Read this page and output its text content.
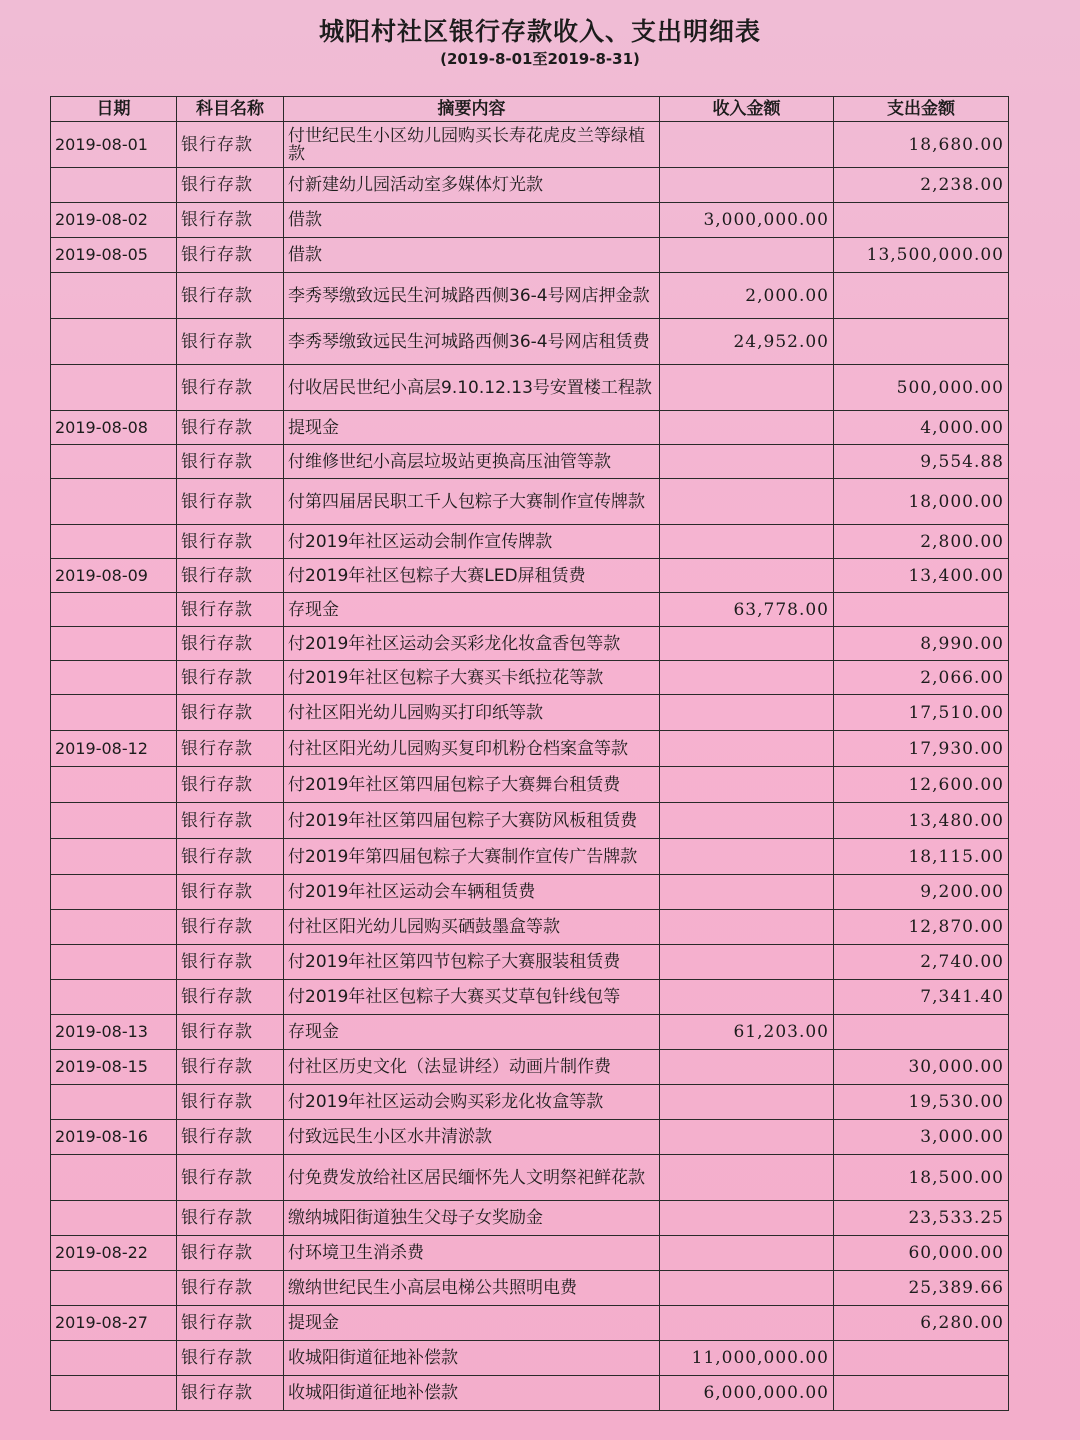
城阳村社区银行存款收入、支出明细表
(2019-8-01至2019-8-31)
日期	科目名称	摘要内容	收入金额	支出金额
2019-08-01	银行存款	付世纪民生小区幼儿园购买长寿花虎皮兰等绿植款		18,680.00
	银行存款	付新建幼儿园活动室多媒体灯光款		2,238.00
2019-08-02	银行存款	借款	3,000,000.00	
2019-08-05	银行存款	借款		13,500,000.00
	银行存款	李秀琴缴致远民生河城路西侧36-4号网店押金款	2,000.00	
	银行存款	李秀琴缴致远民生河城路西侧36-4号网店租赁费	24,952.00	
	银行存款	付收居民世纪小高层9.10.12.13号安置楼工程款		500,000.00
2019-08-08	银行存款	提现金		4,000.00
	银行存款	付维修世纪小高层垃圾站更换高压油管等款		9,554.88
	银行存款	付第四届居民职工千人包粽子大赛制作宣传牌款		18,000.00
	银行存款	付2019年社区运动会制作宣传牌款		2,800.00
2019-08-09	银行存款	付2019年社区包粽子大赛LED屏租赁费		13,400.00
	银行存款	存现金	63,778.00	
	银行存款	付2019年社区运动会买彩龙化妆盒香包等款		8,990.00
	银行存款	付2019年社区包粽子大赛买卡纸拉花等款		2,066.00
	银行存款	付社区阳光幼儿园购买打印纸等款		17,510.00
2019-08-12	银行存款	付社区阳光幼儿园购买复印机粉仓档案盒等款		17,930.00
	银行存款	付2019年社区第四届包粽子大赛舞台租赁费		12,600.00
	银行存款	付2019年社区第四届包粽子大赛防风板租赁费		13,480.00
	银行存款	付2019年第四届包粽子大赛制作宣传广告牌款		18,115.00
	银行存款	付2019年社区运动会车辆租赁费		9,200.00
	银行存款	付社区阳光幼儿园购买硒鼓墨盒等款		12,870.00
	银行存款	付2019年社区第四节包粽子大赛服装租赁费		2,740.00
	银行存款	付2019年社区包粽子大赛买艾草包针线包等		7,341.40
2019-08-13	银行存款	存现金	61,203.00	
2019-08-15	银行存款	付社区历史文化（法显讲经）动画片制作费		30,000.00
	银行存款	付2019年社区运动会购买彩龙化妆盒等款		19,530.00
2019-08-16	银行存款	付致远民生小区水井清淤款		3,000.00
	银行存款	付免费发放给社区居民缅怀先人文明祭祀鲜花款		18,500.00
	银行存款	缴纳城阳街道独生父母子女奖励金		23,533.25
2019-08-22	银行存款	付环境卫生消杀费		60,000.00
	银行存款	缴纳世纪民生小高层电梯公共照明电费		25,389.66
2019-08-27	银行存款	提现金		6,280.00
	银行存款	收城阳街道征地补偿款	11,000,000.00	
	银行存款	收城阳街道征地补偿款	6,000,000.00	
